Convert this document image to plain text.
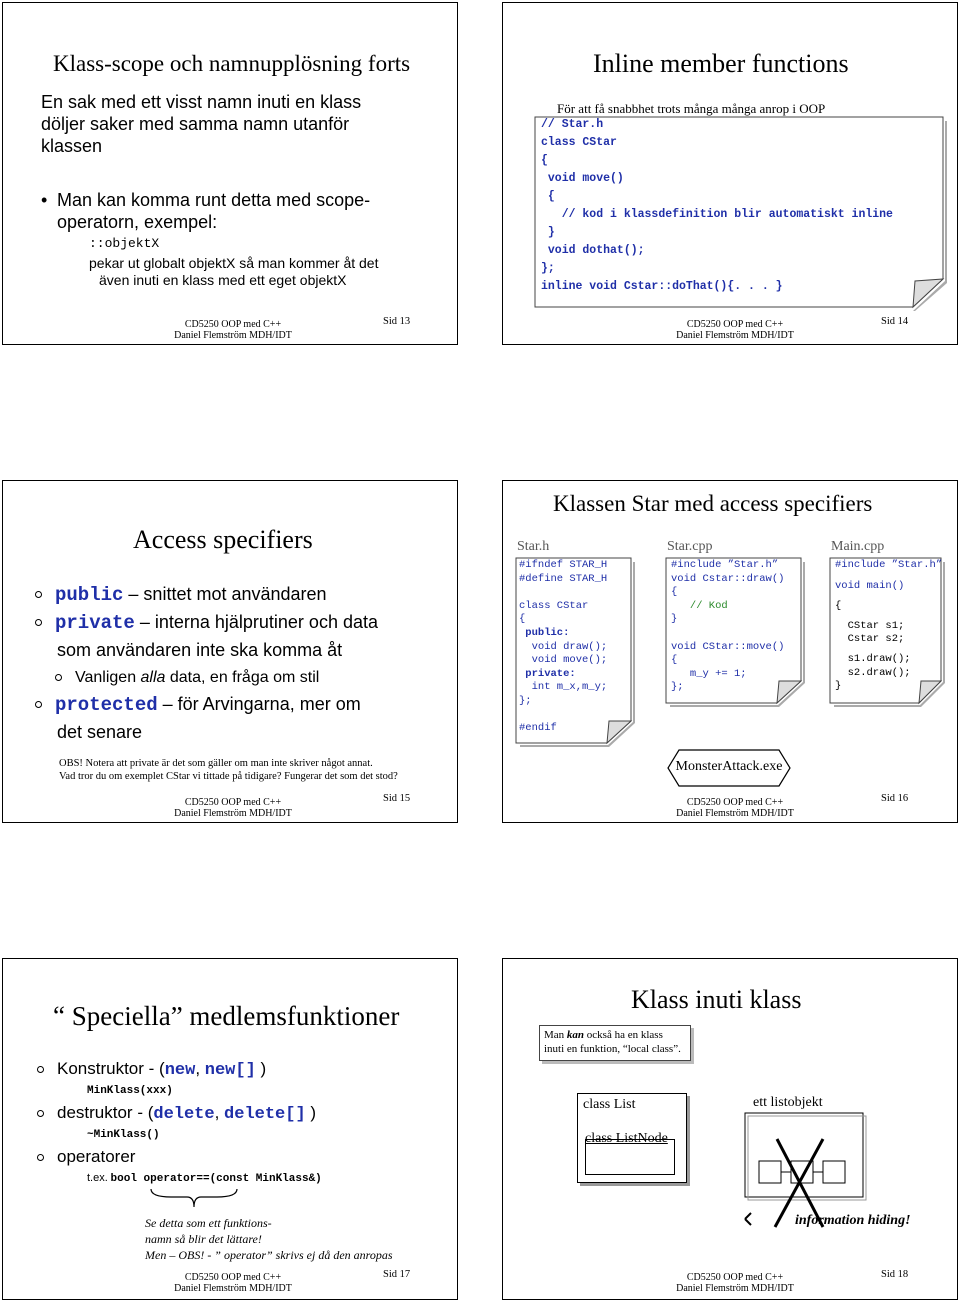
Klass-scope och namnupplösning forts
En sak med ett visst namn inuti en klass
döljer saker med samma namn utanför
klassen
• Man kan komma runt detta med scope-
operatorn, exempel:
::objektX
pekar ut globalt objektX så man kommer åt det
även inuti en klass med ett eget objektX
CD5250 OOP med C++
Daniel Flemström MDH/IDT
Sid 13
Inline member functions
För att få snabbhet trots många många anrop i OOP
// Star.h
class CStar
{
void move()
{
// kod i klassdefinition blir automatiskt inline
}
void dothat();
};
inline void Cstar::doThat(){. . . }
CD5250 OOP med C++
Daniel Flemström MDH/IDT
Sid 14
Access specifiers
public – snittet mot användaren
private – interna hjälprutiner och data
som användaren inte ska komma åt
Vanligen alla data, en fråga om stil
protected – för Arvingarna, mer om
det senare
OBS! Notera att private är det som gäller om man inte skriver något annat.
Vad tror du om exemplet CStar vi tittade på tidigare? Fungerar det som det stod?
CD5250 OOP med C++
Daniel Flemström MDH/IDT
Sid 15
Klassen Star med access specifiers
Star.h
#ifndef STAR_H
#define STAR_H

class CStar
{
public:
void draw();
void move();
private:
int m_x,m_y;
};

#endif
Star.cpp
#include ”Star.h”
void Cstar::draw()
{
// Kod
}

void CStar::move()
{
m_y += 1;
};
Main.cpp
#include ”Star.h”

void main()

{

CStar s1;
Cstar s2;

s1.draw();
s2.draw();
}
MonsterAttack.exe
CD5250 OOP med C++
Daniel Flemström MDH/IDT
Sid 16
“ Speciella” medlemsfunktioner
Konstruktor - (new, new[] )
MinKlass(xxx)
destruktor - (delete, delete[] )
~MinKlass()
operatorer
t.ex. bool operator==(const MinKlass&)
Se detta som ett funktions-
namn så blir det lättare!
Men – OBS! - ” operator” skrivs ej då den anropas
CD5250 OOP med C++
Daniel Flemström MDH/IDT
Sid 17
Klass inuti klass
Man kan också ha en klass
inuti en funktion, “local class”.
class List
class ListNode
ett listobjekt
information hiding!
CD5250 OOP med C++
Daniel Flemström MDH/IDT
Sid 18
